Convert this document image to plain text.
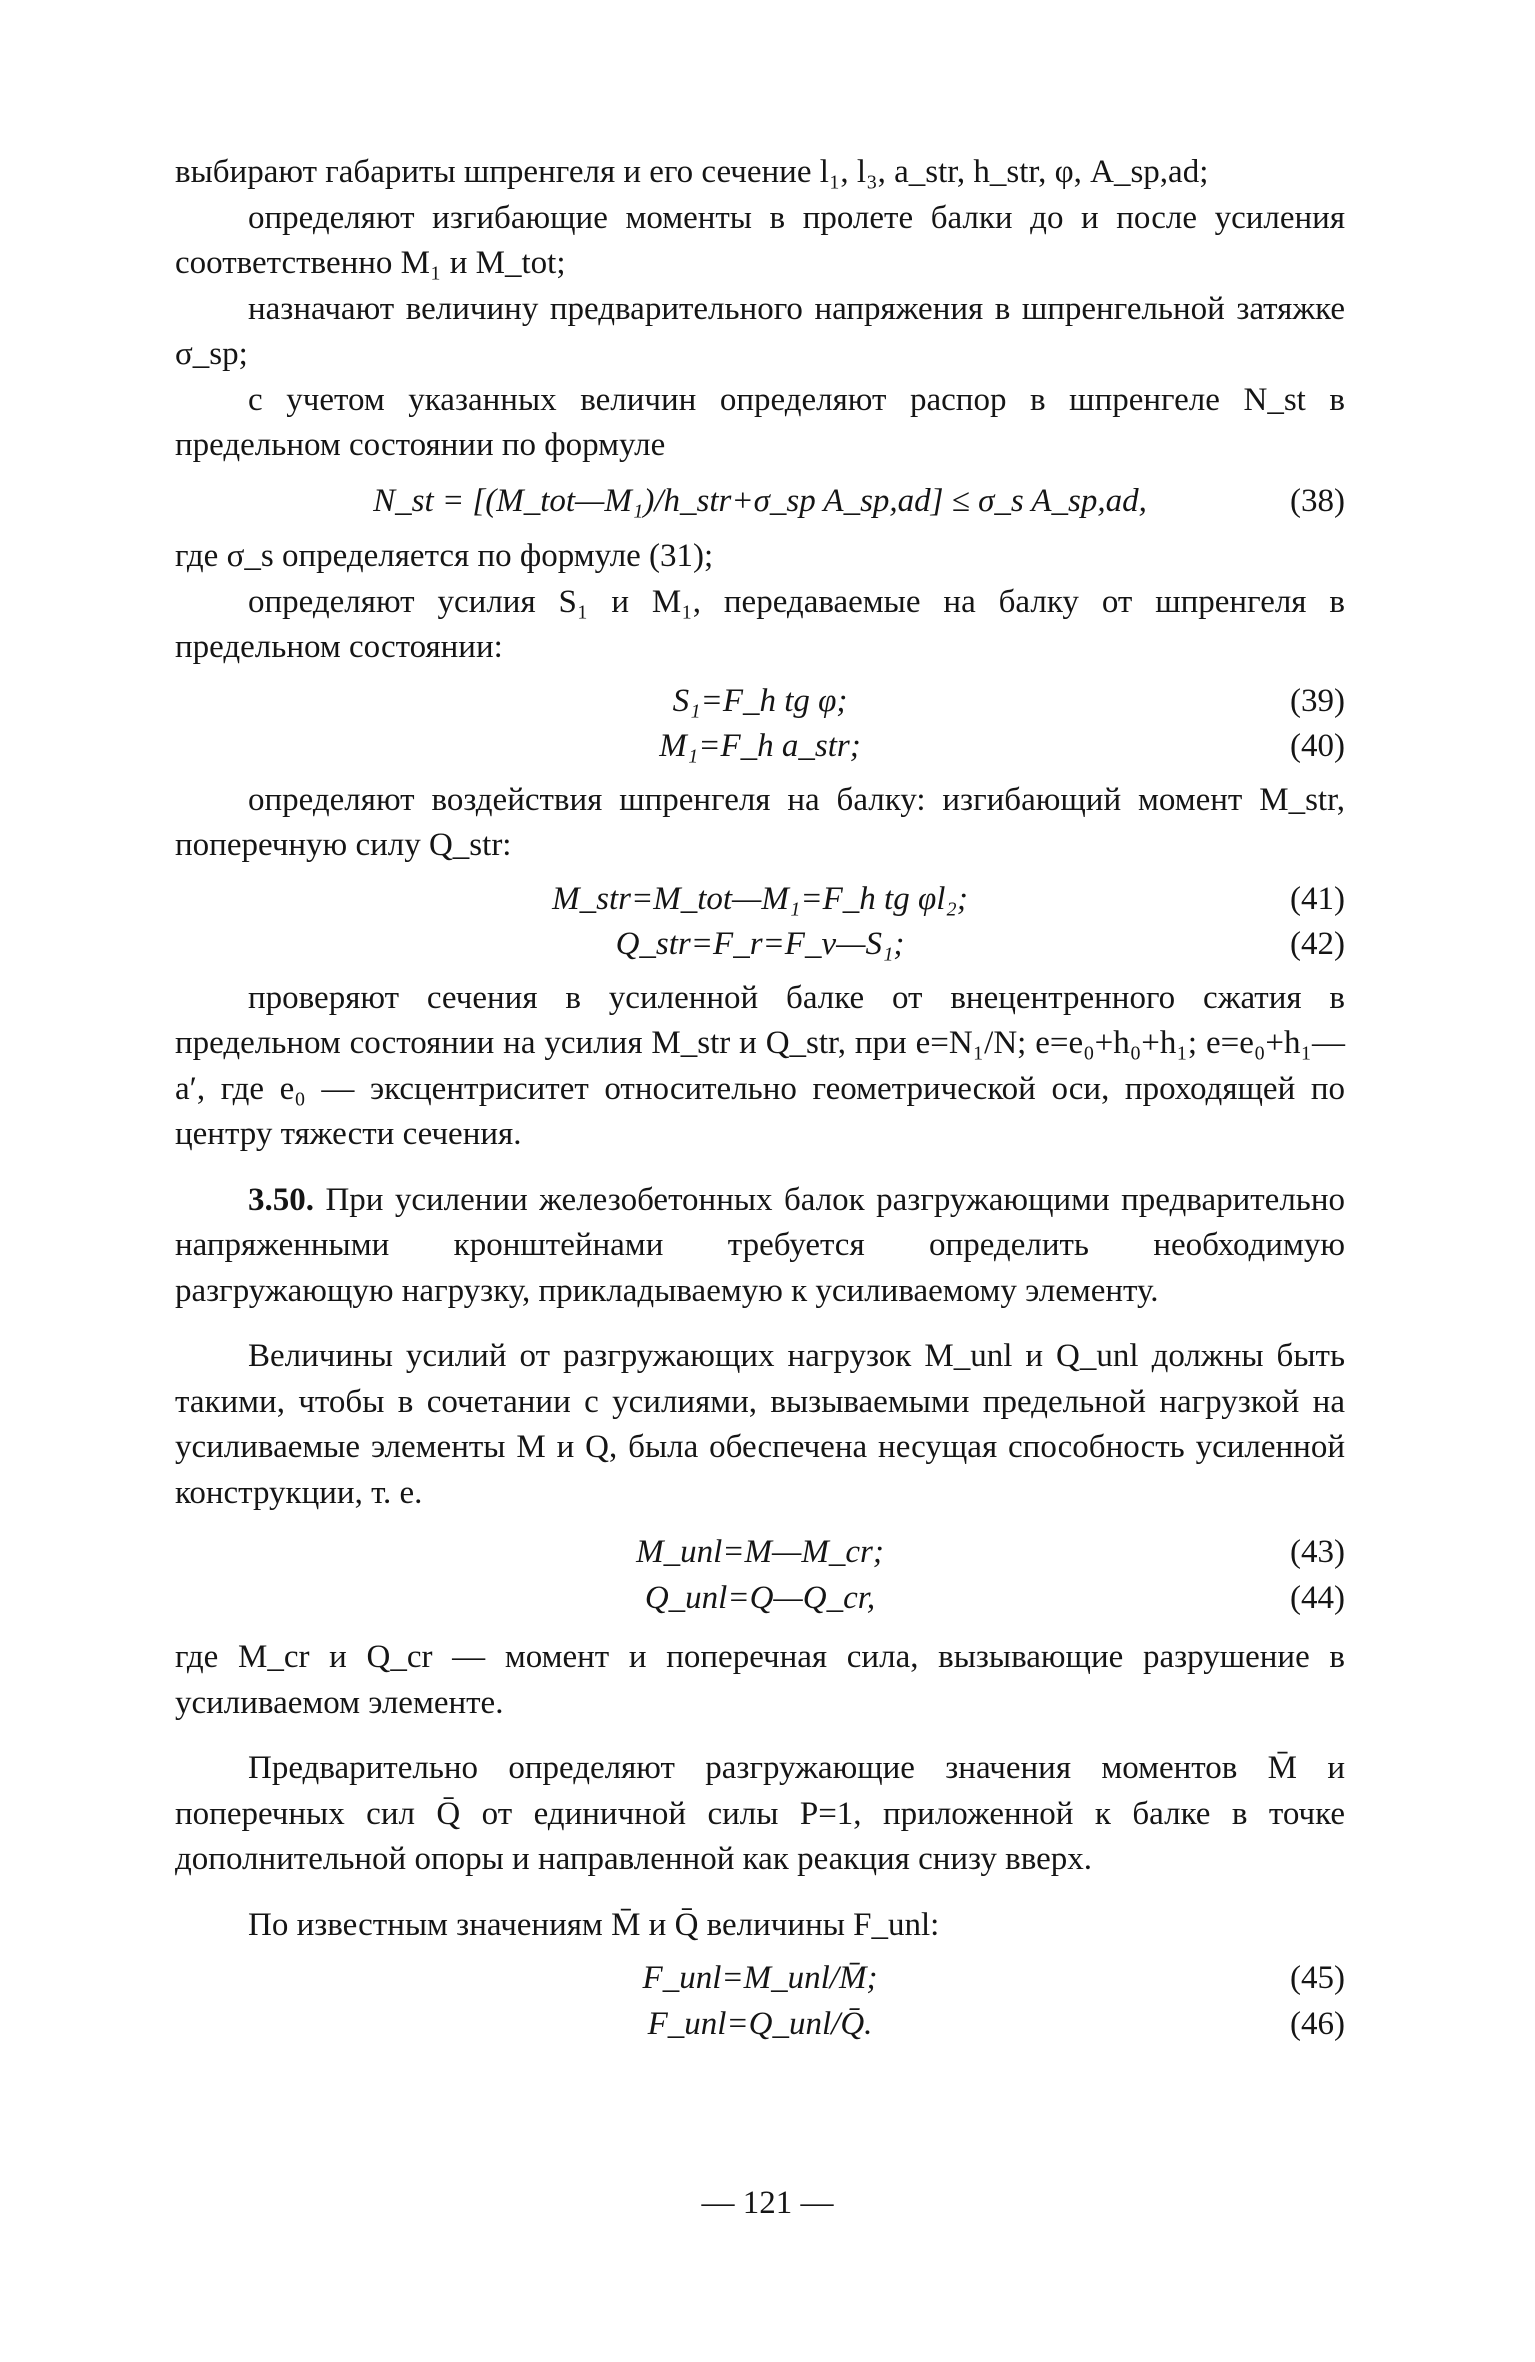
выбирают габариты шпренгеля и его сечение l₁, l₃, a_str, h_str, φ, A_sp,ad;

определяют изгибающие моменты в пролете балки до и после усиления соответственно M₁ и M_tot;

назначают величину предварительного напряжения в шпренгельной затяжке σ_sp;

с учетом указанных величин определяют распор в шпренгеле N_st в предельном состоянии по формуле

N_st = [(M_tot—M₁)/h_str+σ_sp A_sp,ad] ≤ σ_s A_sp,ad,	(38)

где σ_s определяется по формуле (31);

определяют усилия S₁ и M₁, передаваемые на балку от шпренгеля в предельном состоянии:

S₁=F_h tg φ;	(39)
M₁=F_h a_str;	(40)

определяют воздействия шпренгеля на балку: изгибающий момент M_str, поперечную силу Q_str:

M_str=M_tot—M₁=F_h tg φl₂;	(41)
Q_str=F_r=F_v—S₁;	(42)

проверяют сечения в усиленной балке от внецентренного сжатия в предельном состоянии на усилия M_str и Q_str, при e=N₁/N; e=e₀+h₀+h₁; e=e₀+h₁—a′, где e₀ — эксцентриситет относительно геометрической оси, проходящей по центру тяжести сечения.

3.50. При усилении железобетонных балок разгружающими предварительно напряженными кронштейнами требуется определить необходимую разгружающую нагрузку, прикладываемую к усиливаемому элементу.

Величины усилий от разгружающих нагрузок M_unl и Q_unl должны быть такими, чтобы в сочетании с усилиями, вызываемыми предельной нагрузкой на усиливаемые элементы M и Q, была обеспечена несущая способность усиленной конструкции, т. е.

M_unl=M—M_cr;	(43)
Q_unl=Q—Q_cr,	(44)

где M_cr и Q_cr — момент и поперечная сила, вызывающие разрушение в усиливаемом элементе.

Предварительно определяют разгружающие значения моментов M̄ и поперечных сил Q̄ от единичной силы P=1, приложенной к балке в точке дополнительной опоры и направленной как реакция снизу вверх.

По известным значениям M̄ и Q̄ величины F_unl:

F_unl=M_unl/M̄;	(45)
F_unl=Q_unl/Q̄.	(46)
— 121 —
